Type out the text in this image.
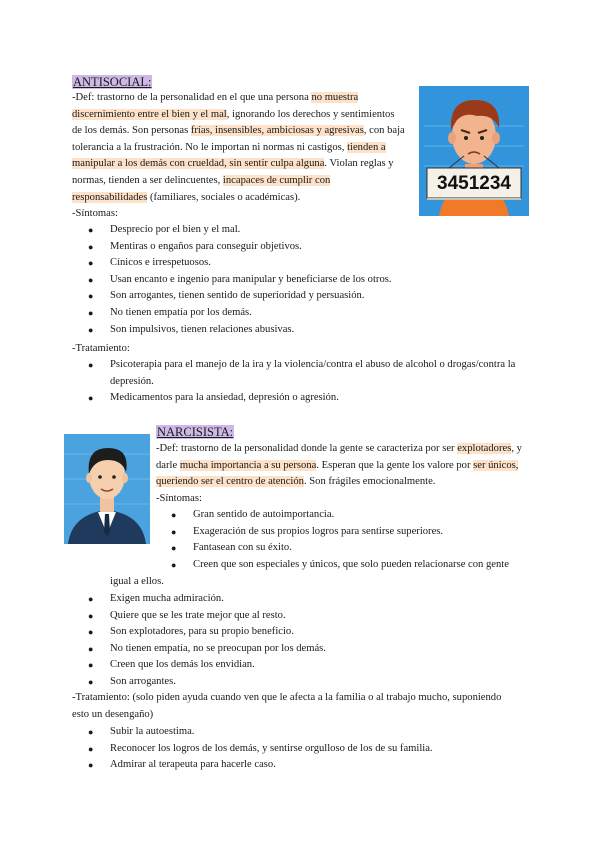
ANTISOCIAL:

-Def: trastorno de la personalidad en el que una persona no muestra

discernimiento entre el bien y el mal, ignorando los derechos y sentimientos

de los demás. Son personas frías, insensibles, ambiciosas y agresivas, con baja

tolerancia a la frustración. No le importan ni normas ni castigos, tienden a

manipular a los demás con crueldad, sin sentir culpa alguna. Violan reglas y

normas, tienden a ser delincuentes, incapaces de cumplir con

responsabilidades (familiares, sociales o académicas).

3451234
-Síntomas:
● Desprecio por el bien y el mal.
● Mentiras o engaños para conseguir objetivos.
● Cínicos e irrespetuosos.
● Usan encanto e ingenio para manipular y beneficiarse de los otros.
● Son arrogantes, tienen sentido de superioridad y persuasión.
● No tienen empatía por los demás.
● Son impulsivos, tienen relaciones abusivas.
-Tratamiento:
● Psicoterapia para el manejo de la ira y la violencia/contra el abuso de alcohol o drogas/contra la depresión.
● Medicamentos para la ansiedad, depresión o agresión.
NARCISISTA:

-Def: trastorno de la personalidad donde la gente se caracteriza por ser explotadores, y

darle mucha importancia a su persona. Esperan que la gente los valore por ser únicos,

queriendo ser el centro de atención. Son frágiles emocionalmente.

-Síntomas:
● Gran sentido de autoimportancia.
● Exageración de sus propios logros para sentirse superiores.
● Fantasean con su éxito.
● Creen que son especiales y únicos, que solo pueden relacionarse con gente
igual a ellos.
● Exigen mucha admiración.
● Quiere que se les trate mejor que al resto.
● Son explotadores, para su propio beneficio.
● No tienen empatía, no se preocupan por los demás.
● Creen que los demás los envidian.
● Son arrogantes.

-Tratamiento: (solo piden ayuda cuando ven que le afecta a la familia o al trabajo mucho, suponiendo

esto un desengaño)

● Subir la autoestima.
● Reconocer los logros de los demás, y sentirse orgulloso de los de su familia.
● Admirar al terapeuta para hacerle caso.
